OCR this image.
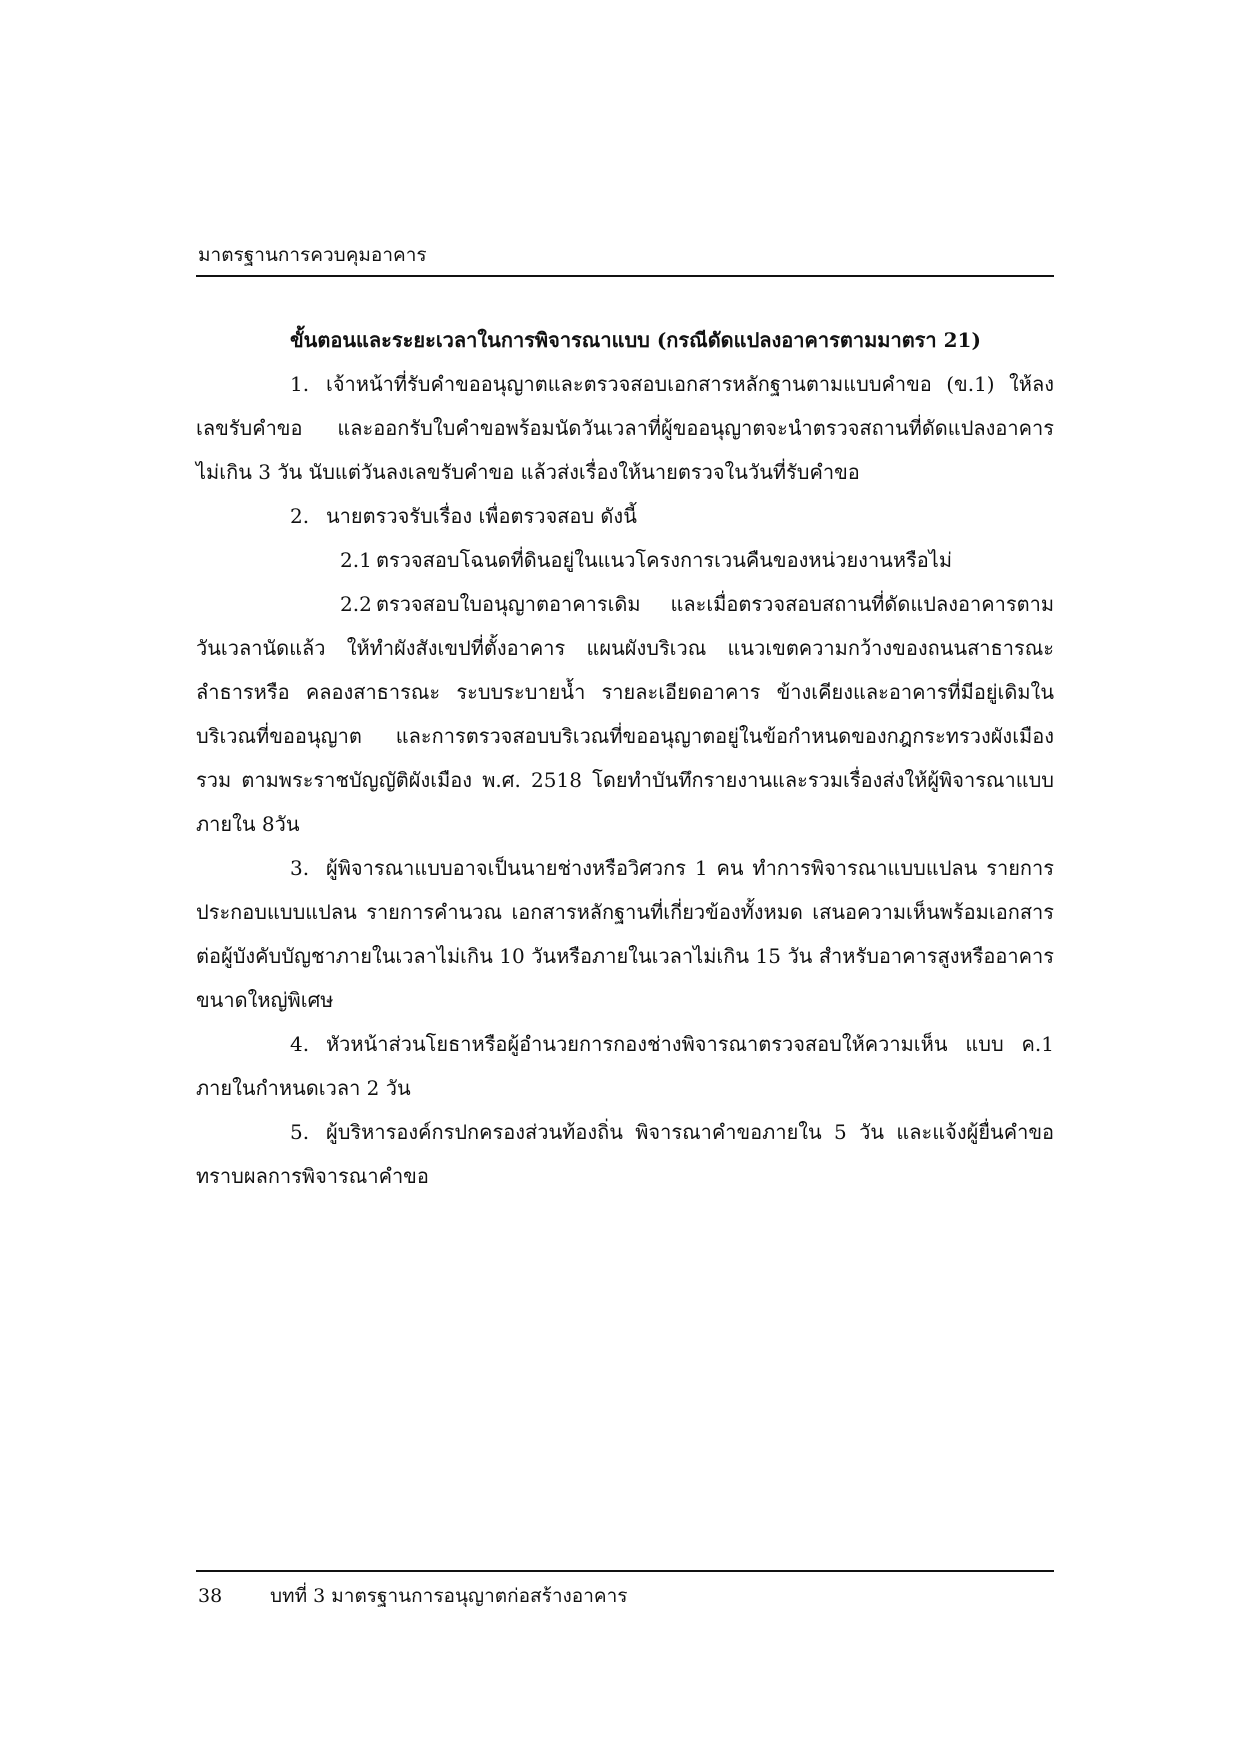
มาตรฐานการควบคุมอาคาร
ขั้นตอนและระยะเวลาในการพิจารณาแบบ (กรณีดัดแปลงอาคารตามมาตรา 21)
1. เจ้าหน้าที่รับคำขออนุญาตและตรวจสอบเอกสารหลักฐานตามแบบคำขอ (ข.1) ให้ลงเลขรับคำขอ และออกรับใบคำขอพร้อมนัดวันเวลาที่ผู้ขออนุญาตจะนำตรวจสถานที่ดัดแปลงอาคาร ไม่เกิน 3 วัน นับแต่วันลงเลขรับคำขอ แล้วส่งเรื่องให้นายตรวจในวันที่รับคำขอ
2. นายตรวจรับเรื่อง เพื่อตรวจสอบ ดังนี้
2.1 ตรวจสอบโฉนดที่ดินอยู่ในแนวโครงการเวนคืนของหน่วยงานหรือไม่
2.2 ตรวจสอบใบอนุญาตอาคารเดิม และเมื่อตรวจสอบสถานที่ดัดแปลงอาคารตามวันเวลานัดแล้ว ให้ทำผังสังเขปที่ตั้งอาคาร แผนผังบริเวณ แนวเขตความกว้างของถนนสาธารณะ ลำธารหรือ คลองสาธารณะ ระบบระบายน้ำ รายละเอียดอาคาร ข้างเคียงและอาคารที่มีอยู่เดิมในบริเวณที่ขออนุญาต และการตรวจสอบบริเวณที่ขออนุญาตอยู่ในข้อกำหนดของกฎกระทรวงผังเมืองรวม ตามพระราชบัญญัติผังเมือง พ.ศ. 2518 โดยทำบันทึกรายงานและรวมเรื่องส่งให้ผู้พิจารณาแบบภายใน 8วัน
3. ผู้พิจารณาแบบอาจเป็นนายช่างหรือวิศวกร 1 คน ทำการพิจารณาแบบแปลน รายการประกอบแบบแปลน รายการคำนวณ เอกสารหลักฐานที่เกี่ยวข้องทั้งหมด เสนอความเห็นพร้อมเอกสารต่อผู้บังคับบัญชาภายในเวลาไม่เกิน 10 วันหรือภายในเวลาไม่เกิน 15 วัน สำหรับอาคารสูงหรืออาคารขนาดใหญ่พิเศษ
4. หัวหน้าส่วนโยธาหรือผู้อำนวยการกองช่างพิจารณาตรวจสอบให้ความเห็น แบบ ค.1 ภายในกำหนดเวลา 2 วัน
5. ผู้บริหารองค์กรปกครองส่วนท้องถิ่น พิจารณาคำขอภายใน 5 วัน และแจ้งผู้ยื่นคำขอทราบผลการพิจารณาคำขอ
38	บทที่ 3 มาตรฐานการอนุญาตก่อสร้างอาคาร
